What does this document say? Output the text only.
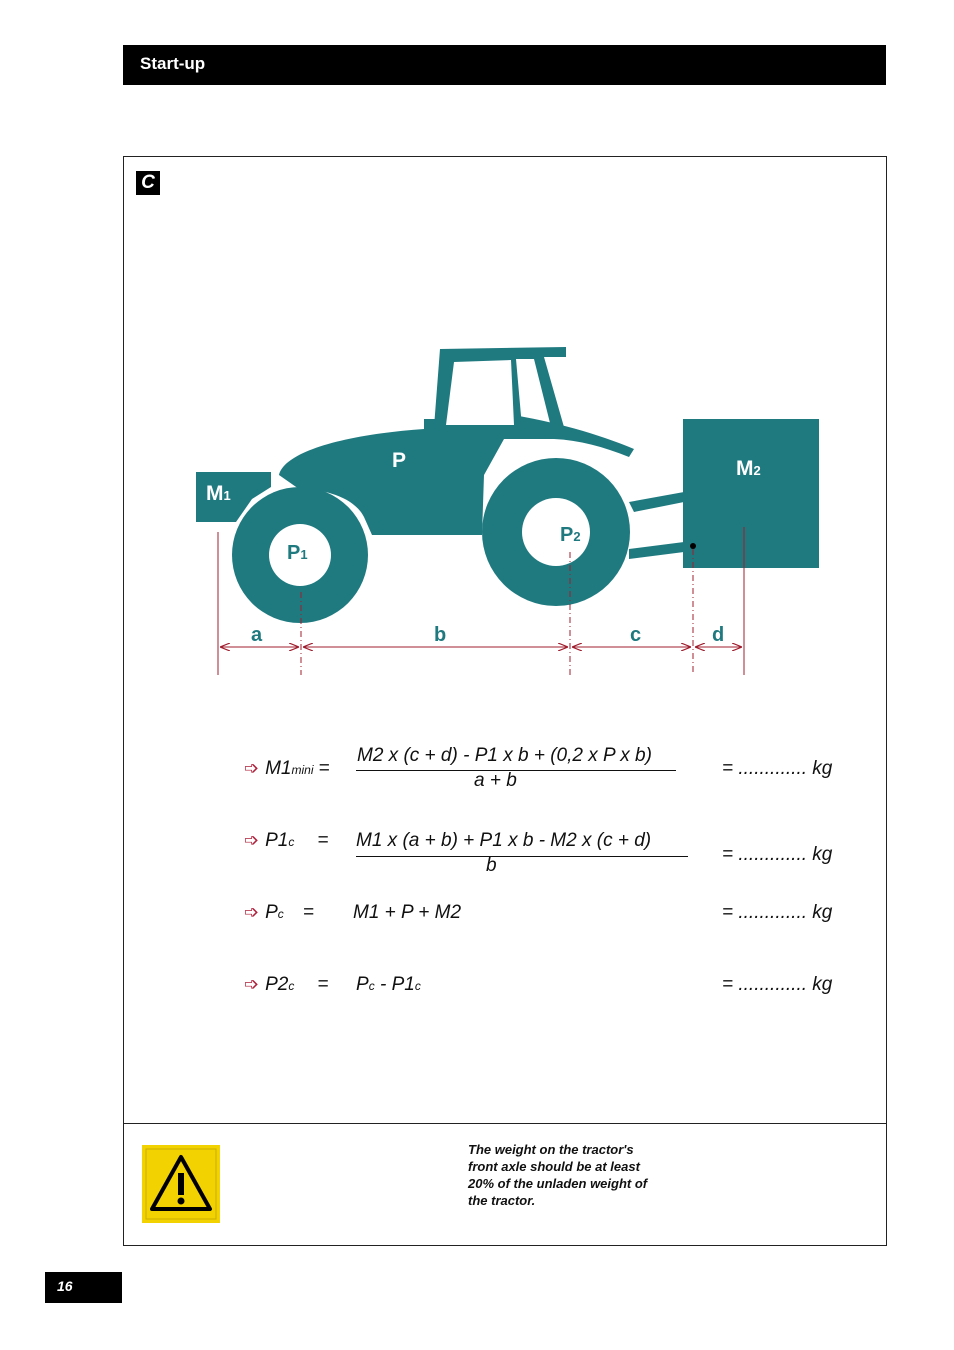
Start-up
C
P
M1
M2
P1
P2
a	b	c	d
➩ M1mini =
M2 x (c + d) - P1 x b + (0,2 x P x b)
a + b
= ............. kg
➩ P1c = M1 x (a + b) + P1 x b - M2 x (c + d)
b
= ............. kg
➩ Pc = M1 + P + M2	= ............. kg
➩ P2c = Pc - P1c	= ............. kg
The weight on the tractor's front axle should be at least 20% of the unladen weight of the tractor.
16
